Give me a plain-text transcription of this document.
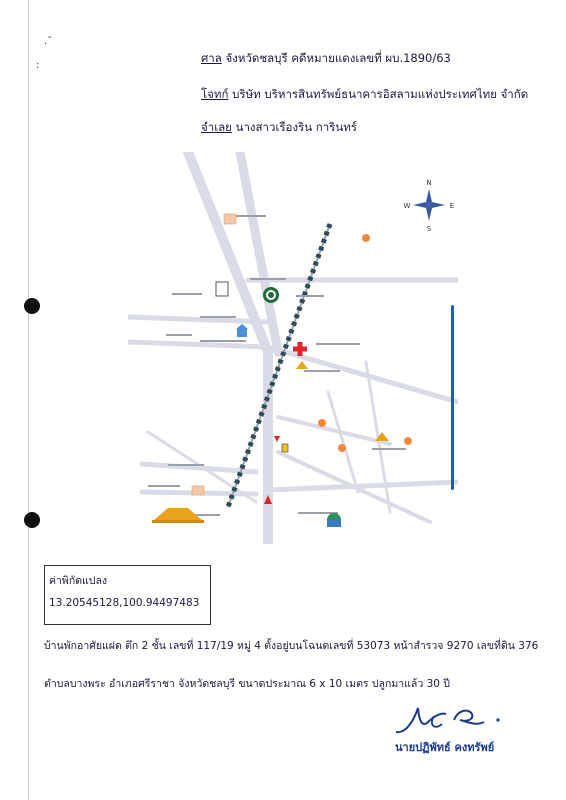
.ˇ
:
ศาล จังหวัดชลบุรี คดีหมายแดงเลขที่ ผบ.1890/63
โจทก์ บริษัท บริหารสินทรัพย์ธนาคารอิสลามแห่งประเทศไทย จำกัด
จำเลย นางสาวเรืองริน การินทร์
N
S
E
W
ค่าพิกัดแปลง
13.20545128,100.94497483
บ้านพักอาศัยแฝด ตึก 2 ชั้น เลขที่ 117/19 หมู่ 4 ตั้งอยู่บนโฉนดเลขที่ 53073 หน้าสำรวจ 9270 เลขที่ดิน 376
ตำบลบางพระ อำเภอศรีราชา จังหวัดชลบุรี ขนาดประมาณ 6 x 10 เมตร ปลูกมาแล้ว 30 ปี
นายปฏิพัทธ์ คงทรัพย์
